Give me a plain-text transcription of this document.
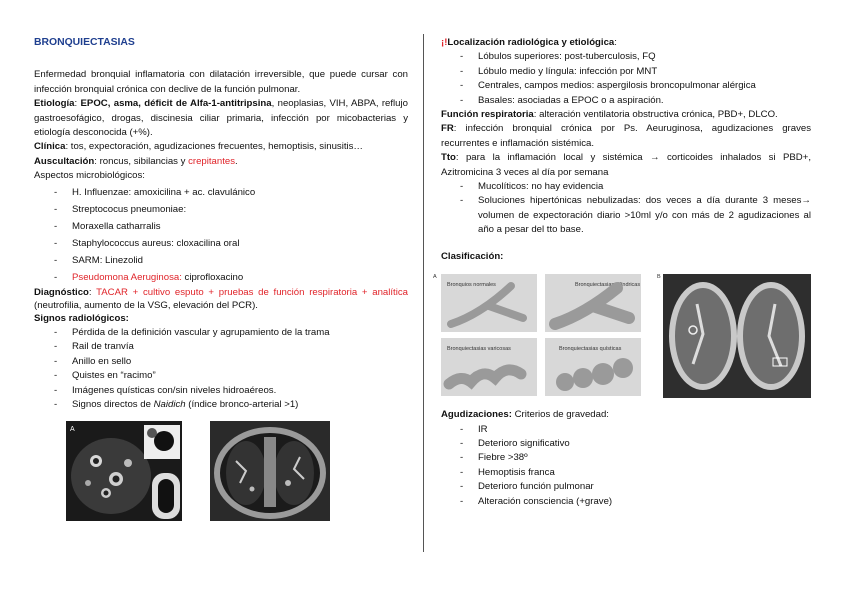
BRONQUIECTASIAS

Enfermedad bronquial inflamatoria con dilatación irreversible, que puede cursar con infección bronquial crónica con declive de la función pulmonar.

Etiología: EPOC, asma, déficit de Alfa-1-antitripsina, neoplasias, VIH, ABPA, reflujo gastroesofágico, drogas, discinesia ciliar primaria, infección por micobacterias y etiología desconocida (+%).

Clínica: tos, expectoración, agudizaciones frecuentes, hemoptisis, sinusitis…

Auscultación: roncus, sibilancias y crepitantes.

Aspectos microbiológicos:

- H. Influenzae: amoxicilina + ac. clavulánico
- Streptococus pneumoniae:
- Moraxella catharralis
- Staphylococcus aureus: cloxacilina oral
- SARM: Linezolid
- Pseudomona Aeruginosa: ciprofloxacino

Diagnóstico: TACAR + cultivo esputo + pruebas de función respiratoria + analítica (neutrofilia, aumento de la VSG, elevación del PCR).

Signos radiológicos:

- Pérdida de la definición vascular y agrupamiento de la trama
- Rail de tranvía
- Anillo en sello
- Quistes en “racimo”
- Imágenes quísticas con/sin niveles hidroaéreos.
- Signos directos de Naidich (índice bronco-arterial >1)
A

¡!Localización radiológica y etiológica:

- Lóbulos superiores: post-tuberculosis, FQ
- Lóbulo medio y língula: infección por MNT
- Centrales, campos medios: aspergilosis broncopulmonar alérgica
- Basales: asociadas a EPOC o a aspiración.

Función respiratoria: alteración ventilatoria obstructiva crónica, PBD+, DLCO.

FR: infección bronquial crónica por Ps. Aeuruginosa, agudizaciones graves recurrentes e inflamación sistémica.

Tto: para la inflamación local y sistémica → corticoides inhalados si PBD+, Azitromicina 3 veces al día por semana

- Mucolíticos: no hay evidencia
- Soluciones hipertónicas nebulizadas: dos veces a día durante 3 meses→ volumen de expectoración diario >10ml y/o con más de 2 agudizaciones al año a pesar del tto base.

Clasificación:

A
Bronquios normales	Bronquiectasias cilíndricas
Bronquiectasias varicosas	Bronquiectasias quísticas
B

Agudizaciones: Criterios de gravedad:

- IR
- Deterioro significativo
- Fiebre >38º
- Hemoptisis franca
- Deterioro función pulmonar
- Alteración consciencia (+grave)
